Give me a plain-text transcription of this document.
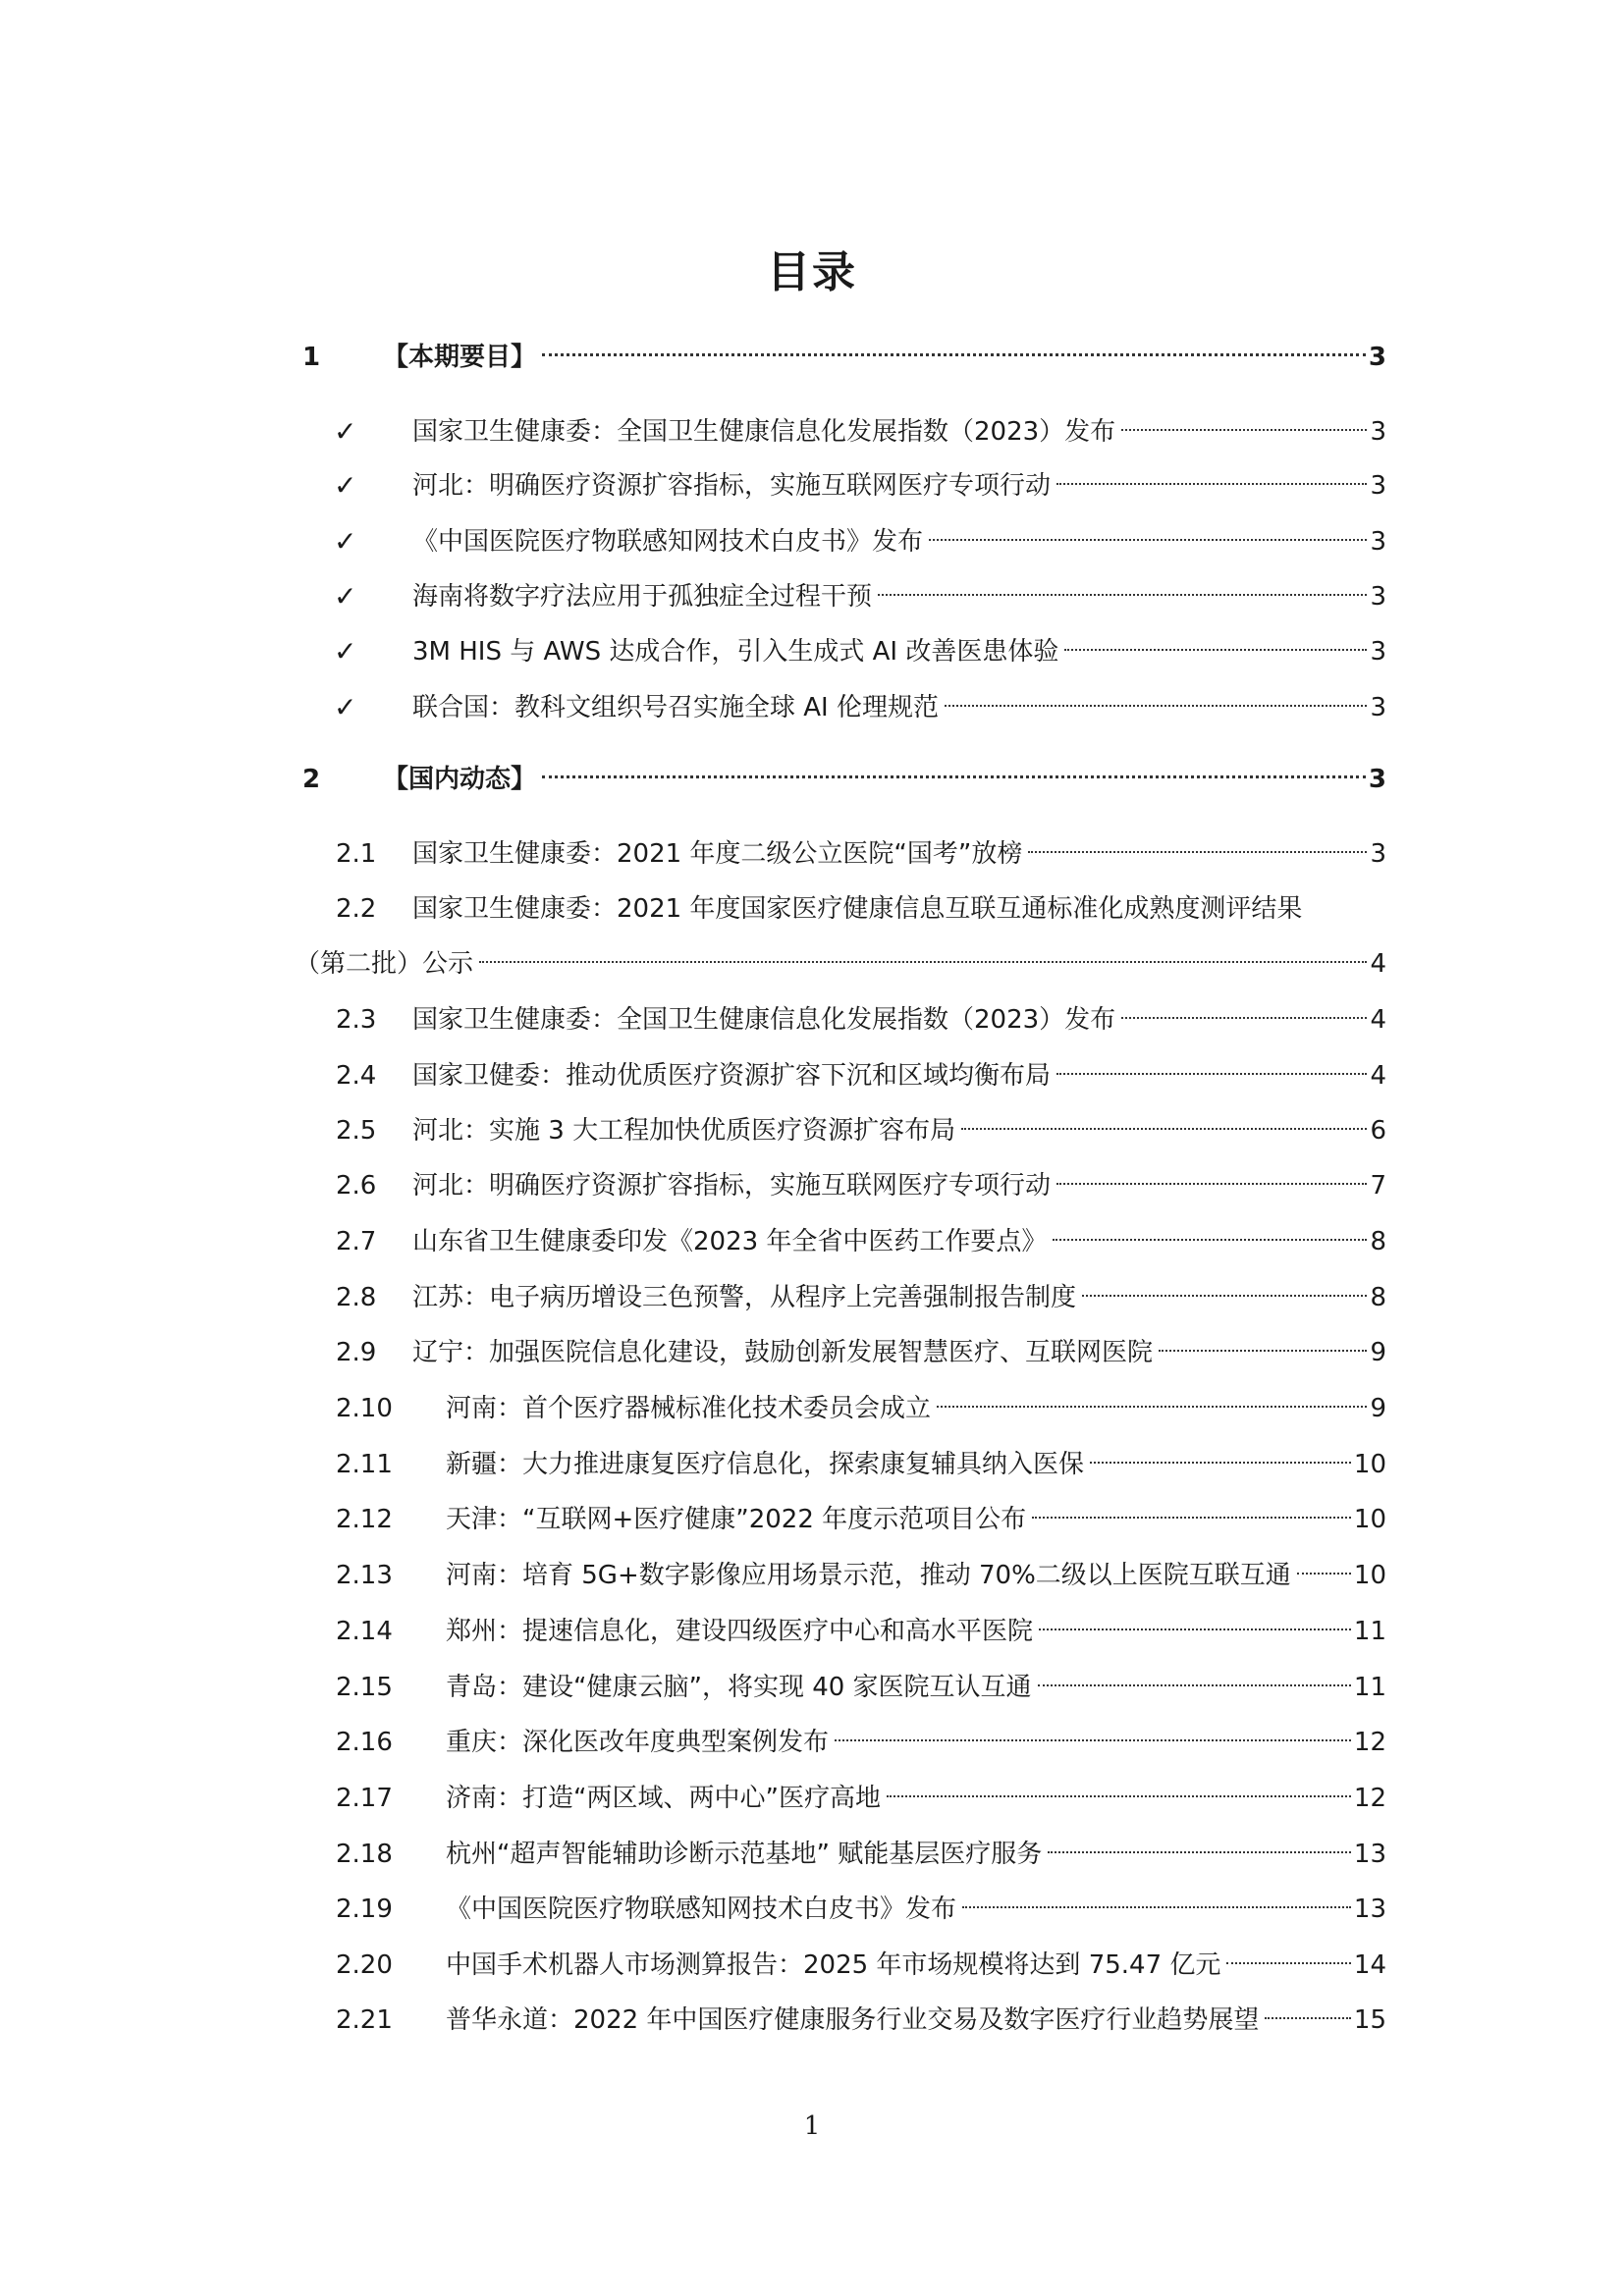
目录
1 【本期要目】	3
✓ 国家卫生健康委：全国卫生健康信息化发展指数（2023）发布	3
✓ 河北：明确医疗资源扩容指标，实施互联网医疗专项行动	3
✓ 《中国医院医疗物联感知网技术白皮书》发布	3
✓ 海南将数字疗法应用于孤独症全过程干预	3
✓ 3M HIS 与 AWS 达成合作，引入生成式 AI 改善医患体验	3
✓ 联合国：教科文组织号召实施全球 AI 伦理规范	3
2 【国内动态】	3
2.1 国家卫生健康委：2021 年度二级公立医院“国考”放榜	3
2.2 国家卫生健康委：2021 年度国家医疗健康信息互联互通标准化成熟度测评结果
（第二批）公示	4
2.3 国家卫生健康委：全国卫生健康信息化发展指数（2023）发布	4
2.4 国家卫健委：推动优质医疗资源扩容下沉和区域均衡布局	4
2.5 河北：实施 3 大工程加快优质医疗资源扩容布局	6
2.6 河北：明确医疗资源扩容指标，实施互联网医疗专项行动	7
2.7 山东省卫生健康委印发《2023 年全省中医药工作要点》	8
2.8 江苏：电子病历增设三色预警，从程序上完善强制报告制度	8
2.9 辽宁：加强医院信息化建设，鼓励创新发展智慧医疗、互联网医院	9
2.10 河南：首个医疗器械标准化技术委员会成立	9
2.11 新疆：大力推进康复医疗信息化，探索康复辅具纳入医保	10
2.12 天津：“互联网+医疗健康”2022 年度示范项目公布	10
2.13 河南：培育 5G+数字影像应用场景示范，推动 70%二级以上医院互联互通 10
2.14 郑州：提速信息化，建设四级医疗中心和高水平医院	11
2.15 青岛：建设“健康云脑”，将实现 40 家医院互认互通	11
2.16 重庆：深化医改年度典型案例发布	12
2.17 济南：打造“两区域、两中心”医疗高地	12
2.18 杭州“超声智能辅助诊断示范基地” 赋能基层医疗服务	13
2.19 《中国医院医疗物联感知网技术白皮书》发布	13
2.20 中国手术机器人市场测算报告：2025 年市场规模将达到 75.47 亿元	14
2.21 普华永道：2022 年中国医疗健康服务行业交易及数字医疗行业趋势展望	15
1
